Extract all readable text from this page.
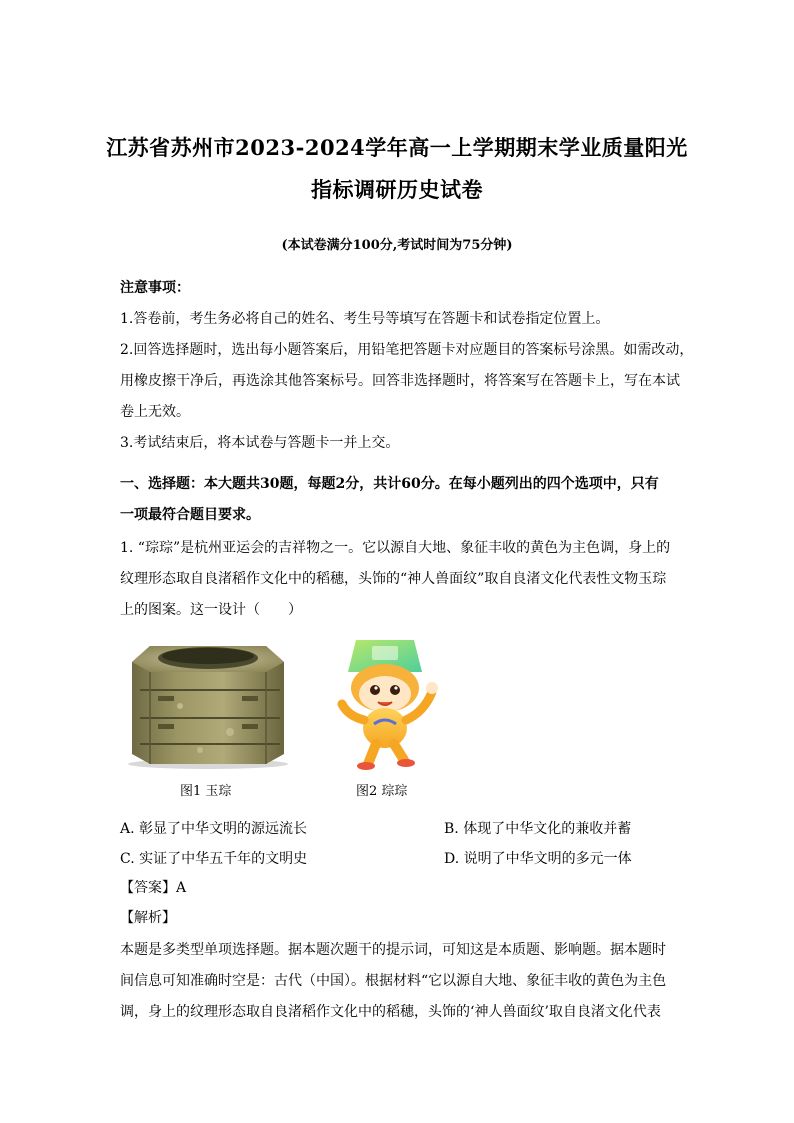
江苏省苏州市2023-2024学年高一上学期期末学业质量阳光
指标调研历史试卷
(本试卷满分100分,考试时间为75分钟)
注意事项：
1.答卷前，考生务必将自己的姓名、考生号等填写在答题卡和试卷指定位置上。
2.回答选择题时，选出每小题答案后，用铅笔把答题卡对应题目的答案标号涂黑。如需改动，
用橡皮擦干净后，再选涂其他答案标号。回答非选择题时，将答案写在答题卡上，写在本试
卷上无效。
3.考试结束后，将本试卷与答题卡一并上交。
一、选择题：本大题共30题，每题2分，共计60分。在每小题列出的四个选项中，只有
一项最符合题目要求。
1. “琮琮”是杭州亚运会的吉祥物之一。它以源自大地、象征丰收的黄色为主色调，身上的
纹理形态取自良渚稻作文化中的稻穗，头饰的“神人兽面纹”取自良渚文化代表性文物玉琮
上的图案。这一设计（　　）
图1 玉琮	图2 琮琮
A. 彰显了中华文明的源远流长	B. 体现了中华文化的兼收并蓄
C. 实证了中华五千年的文明史	D. 说明了中华文明的多元一体
【答案】A
【解析】
本题是多类型单项选择题。据本题次题干的提示词，可知这是本质题、影响题。据本题时
间信息可知准确时空是：古代（中国）。根据材料“它以源自大地、象征丰收的黄色为主色
调，身上的纹理形态取自良渚稻作文化中的稻穗，头饰的‘神人兽面纹’取自良渚文化代表
